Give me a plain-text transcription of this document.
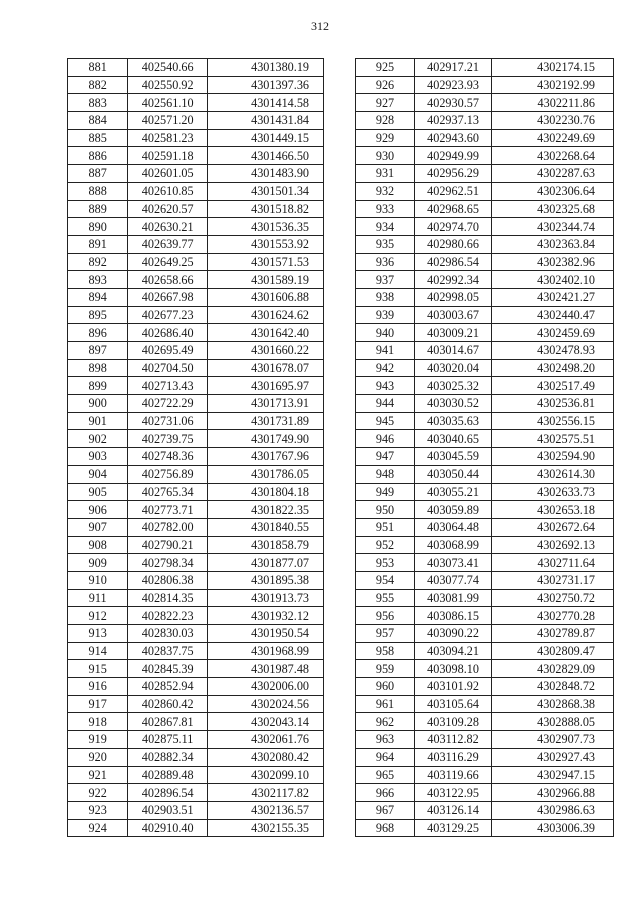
312
881	402540.66	4301380.19
882	402550.92	4301397.36
883	402561.10	4301414.58
884	402571.20	4301431.84
885	402581.23	4301449.15
886	402591.18	4301466.50
887	402601.05	4301483.90
888	402610.85	4301501.34
889	402620.57	4301518.82
890	402630.21	4301536.35
891	402639.77	4301553.92
892	402649.25	4301571.53
893	402658.66	4301589.19
894	402667.98	4301606.88
895	402677.23	4301624.62
896	402686.40	4301642.40
897	402695.49	4301660.22
898	402704.50	4301678.07
899	402713.43	4301695.97
900	402722.29	4301713.91
901	402731.06	4301731.89
902	402739.75	4301749.90
903	402748.36	4301767.96
904	402756.89	4301786.05
905	402765.34	4301804.18
906	402773.71	4301822.35
907	402782.00	4301840.55
908	402790.21	4301858.79
909	402798.34	4301877.07
910	402806.38	4301895.38
911	402814.35	4301913.73
912	402822.23	4301932.12
913	402830.03	4301950.54
914	402837.75	4301968.99
915	402845.39	4301987.48
916	402852.94	4302006.00
917	402860.42	4302024.56
918	402867.81	4302043.14
919	402875.11	4302061.76
920	402882.34	4302080.42
921	402889.48	4302099.10
922	402896.54	4302117.82
923	402903.51	4302136.57
924	402910.40	4302155.35
925	402917.21	4302174.15
926	402923.93	4302192.99
927	402930.57	4302211.86
928	402937.13	4302230.76
929	402943.60	4302249.69
930	402949.99	4302268.64
931	402956.29	4302287.63
932	402962.51	4302306.64
933	402968.65	4302325.68
934	402974.70	4302344.74
935	402980.66	4302363.84
936	402986.54	4302382.96
937	402992.34	4302402.10
938	402998.05	4302421.27
939	403003.67	4302440.47
940	403009.21	4302459.69
941	403014.67	4302478.93
942	403020.04	4302498.20
943	403025.32	4302517.49
944	403030.52	4302536.81
945	403035.63	4302556.15
946	403040.65	4302575.51
947	403045.59	4302594.90
948	403050.44	4302614.30
949	403055.21	4302633.73
950	403059.89	4302653.18
951	403064.48	4302672.64
952	403068.99	4302692.13
953	403073.41	4302711.64
954	403077.74	4302731.17
955	403081.99	4302750.72
956	403086.15	4302770.28
957	403090.22	4302789.87
958	403094.21	4302809.47
959	403098.10	4302829.09
960	403101.92	4302848.72
961	403105.64	4302868.38
962	403109.28	4302888.05
963	403112.82	4302907.73
964	403116.29	4302927.43
965	403119.66	4302947.15
966	403122.95	4302966.88
967	403126.14	4302986.63
968	403129.25	4303006.39
